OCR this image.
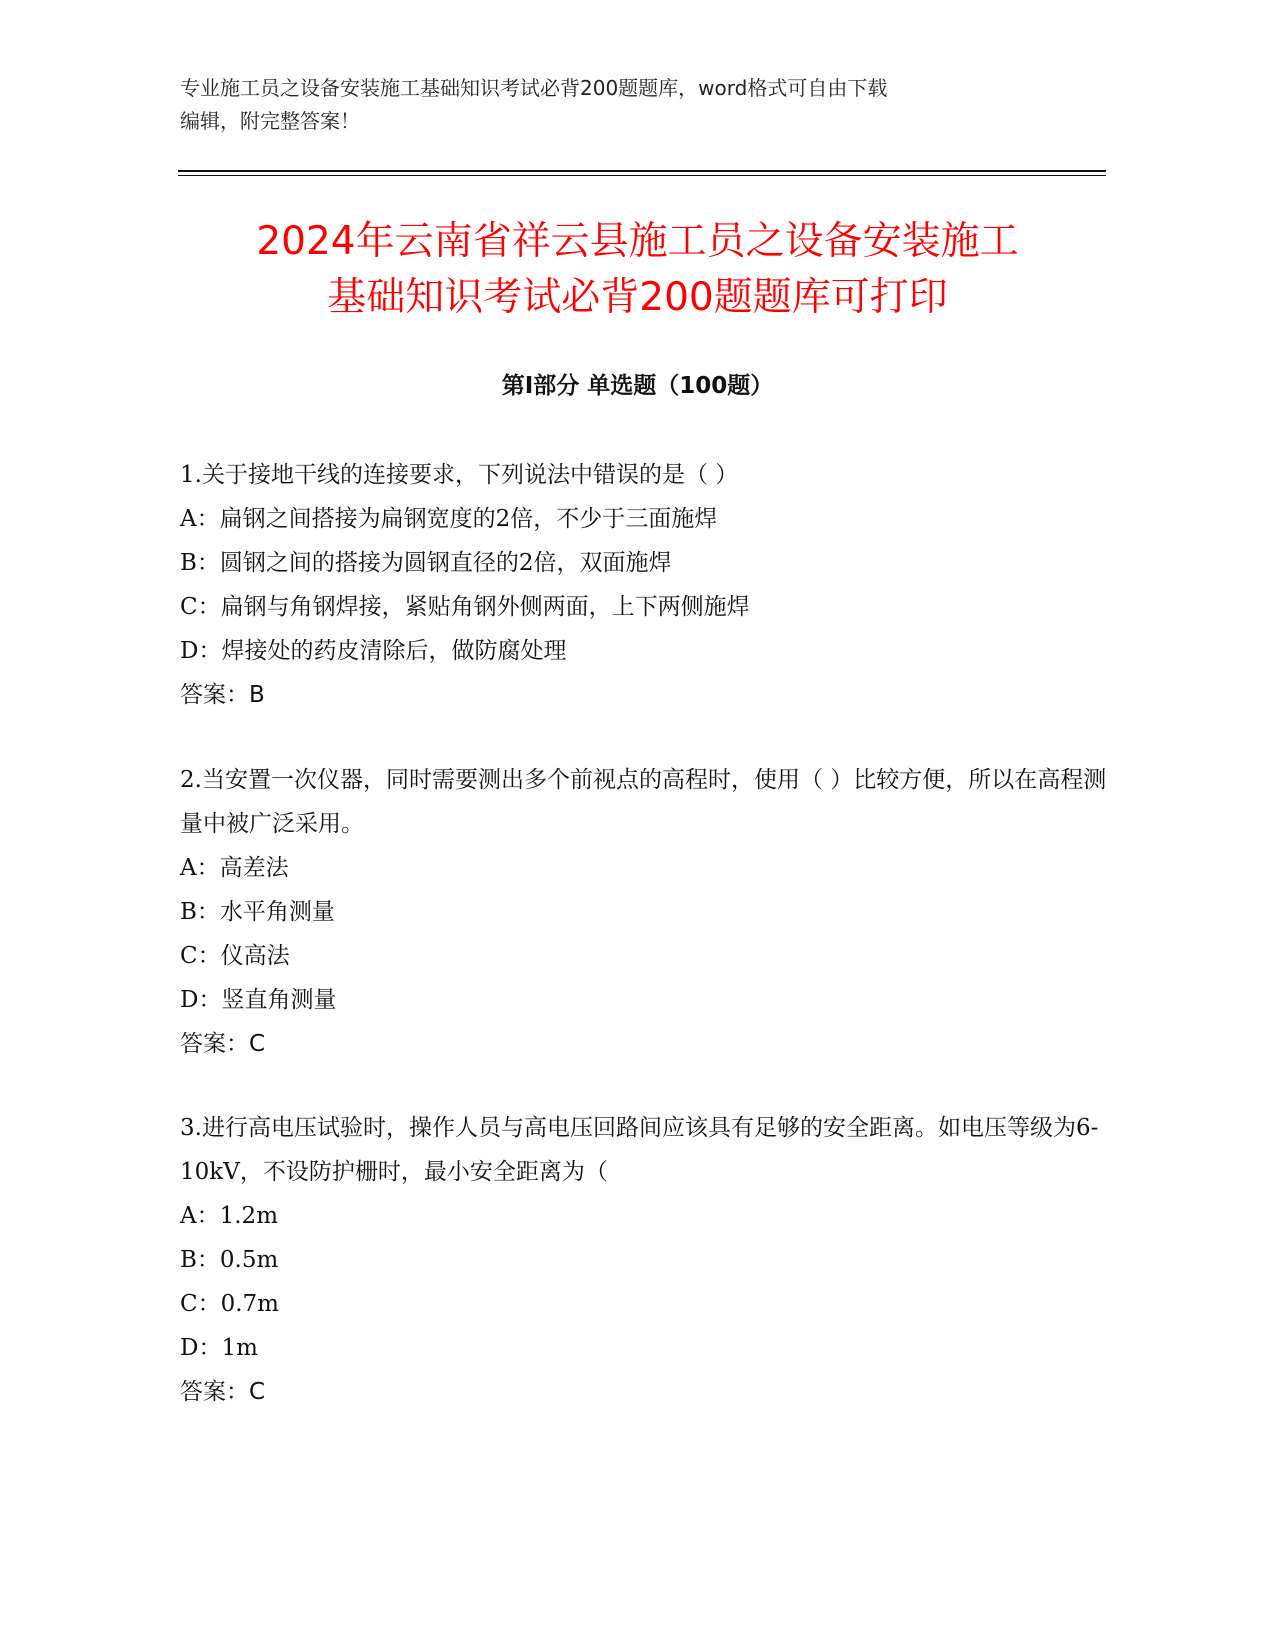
专业施工员之设备安装施工基础知识考试必背200题题库，word格式可自由下载
编辑，附完整答案！
2024年云南省祥云县施工员之设备安装施工
基础知识考试必背200题题库可打印
第Ⅰ部分 单选题（100题）
1.关于接地干线的连接要求，下列说法中错误的是（ ）
A：扁钢之间搭接为扁钢宽度的2倍，不少于三面施焊
B：圆钢之间的搭接为圆钢直径的2倍，双面施焊
C：扁钢与角钢焊接，紧贴角钢外侧两面，上下两侧施焊
D：焊接处的药皮清除后，做防腐处理
答案：B
2.当安置一次仪器，同时需要测出多个前视点的高程时，使用（ ）比较方便，所以在高程测量中被广泛采用。
A：高差法
B：水平角测量
C：仪高法
D：竖直角测量
答案：C
3.进行高电压试验时，操作人员与高电压回路间应该具有足够的安全距离。如电压等级为6-10kV，不设防护栅时，最小安全距离为（
A：1.2m
B：0.5m
C：0.7m
D：1m
答案：C
